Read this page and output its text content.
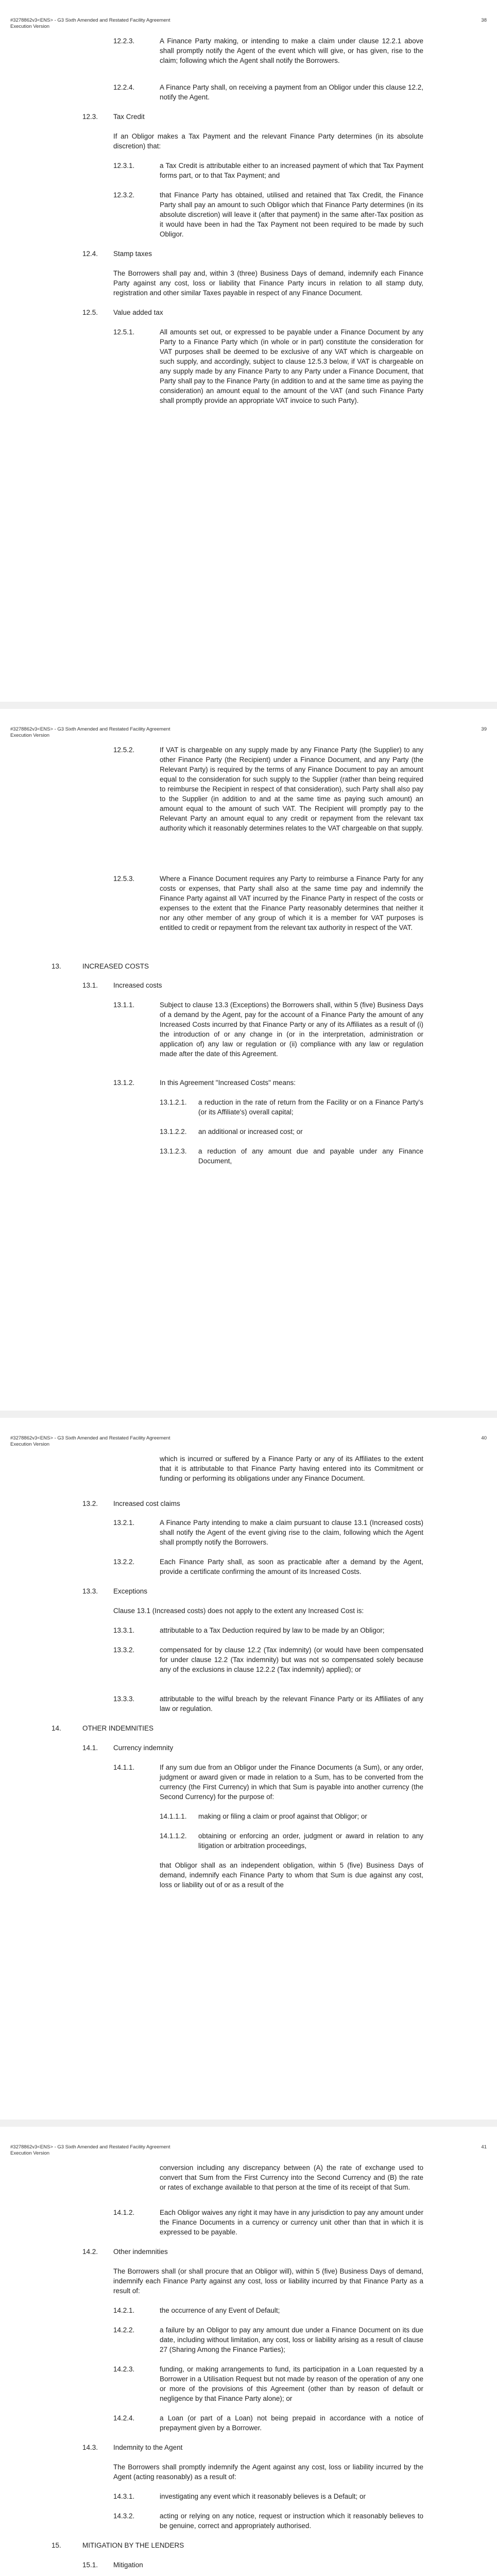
#3278862v3<ENS> - G3 Sixth Amended and Restated Facility Agreement
Execution Version
38
12.2.3.	A Finance Party making, or intending to make a claim under clause 12.2.1 above shall promptly notify the Agent of the event which will give, or has given, rise to the claim; following which the Agent shall notify the Borrowers.
12.2.4.	A Finance Party shall, on receiving a payment from an Obligor under this clause 12.2, notify the Agent.
12.3. Tax Credit
If an Obligor makes a Tax Payment and the relevant Finance Party determines (in its absolute discretion) that:
12.3.1.	a Tax Credit is attributable either to an increased payment of which that Tax Payment forms part, or to that Tax Payment; and
12.3.2.	that Finance Party has obtained, utilised and retained that Tax Credit, the Finance Party shall pay an amount to such Obligor which that Finance Party determines (in its absolute discretion) will leave it (after that payment) in the same after-Tax position as it would have been in had the Tax Payment not been required to be made by such Obligor.
12.4. Stamp taxes
The Borrowers shall pay and, within 3 (three) Business Days of demand, indemnify each Finance Party against any cost, loss or liability that Finance Party incurs in relation to all stamp duty, registration and other similar Taxes payable in respect of any Finance Document.
12.5. Value added tax
12.5.1.	All amounts set out, or expressed to be payable under a Finance Document by any Party to a Finance Party which (in whole or in part) constitute the consideration for VAT purposes shall be deemed to be exclusive of any VAT which is chargeable on such supply, and accordingly, subject to clause 12.5.3 below, if VAT is chargeable on any supply made by any Finance Party to any Party under a Finance Document, that Party shall pay to the Finance Party (in addition to and at the same time as paying the consideration) an amount equal to the amount of the VAT (and such Finance Party shall promptly provide an appropriate VAT invoice to such Party).
#3278862v3<ENS> - G3 Sixth Amended and Restated Facility Agreement
Execution Version
39
12.5.2.	If VAT is chargeable on any supply made by any Finance Party (the Supplier) to any other Finance Party (the Recipient) under a Finance Document, and any Party (the Relevant Party) is required by the terms of any Finance Document to pay an amount equal to the consideration for such supply to the Supplier (rather than being required to reimburse the Recipient in respect of that consideration), such Party shall also pay to the Supplier (in addition to and at the same time as paying such amount) an amount equal to the amount of such VAT. The Recipient will promptly pay to the Relevant Party an amount equal to any credit or repayment from the relevant tax authority which it reasonably determines relates to the VAT chargeable on that supply.
12.5.3.	Where a Finance Document requires any Party to reimburse a Finance Party for any costs or expenses, that Party shall also at the same time pay and indemnify the Finance Party against all VAT incurred by the Finance Party in respect of the costs or expenses to the extent that the Finance Party reasonably determines that neither it nor any other member of any group of which it is a member for VAT purposes is entitled to credit or repayment from the relevant tax authority in respect of the VAT.
13.	INCREASED COSTS
13.1. Increased costs
13.1.1.	Subject to clause 13.3 (Exceptions) the Borrowers shall, within 5 (five) Business Days of a demand by the Agent, pay for the account of a Finance Party the amount of any Increased Costs incurred by that Finance Party or any of its Affiliates as a result of (i) the introduction of or any change in (or in the interpretation, administration or application of) any law or regulation or (ii) compliance with any law or regulation made after the date of this Agreement.
13.1.2.	In this Agreement "Increased Costs" means:
13.1.2.1. a reduction in the rate of return from the Facility or on a Finance Party's (or its Affiliate's) overall capital;
13.1.2.2. an additional or increased cost; or
13.1.2.3. a reduction of any amount due and payable under any Finance Document,
#3278862v3<ENS> - G3 Sixth Amended and Restated Facility Agreement
Execution Version
40
which is incurred or suffered by a Finance Party or any of its Affiliates to the extent that it is attributable to that Finance Party having entered into its Commitment or funding or performing its obligations under any Finance Document.
13.2. Increased cost claims
13.2.1.	A Finance Party intending to make a claim pursuant to clause 13.1 (Increased costs) shall notify the Agent of the event giving rise to the claim, following which the Agent shall promptly notify the Borrowers.
13.2.2.	Each Finance Party shall, as soon as practicable after a demand by the Agent, provide a certificate confirming the amount of its Increased Costs.
13.3. Exceptions
Clause 13.1 (Increased costs) does not apply to the extent any Increased Cost is:
13.3.1.	attributable to a Tax Deduction required by law to be made by an Obligor;
13.3.2.	compensated for by clause 12.2 (Tax indemnity) (or would have been compensated for under clause 12.2 (Tax indemnity) but was not so compensated solely because any of the exclusions in clause 12.2.2 (Tax indemnity) applied); or
13.3.3.	attributable to the wilful breach by the relevant Finance Party or its Affiliates of any law or regulation.
14.	OTHER INDEMNITIES
14.1. Currency indemnity
14.1.1.	If any sum due from an Obligor under the Finance Documents (a Sum), or any order, judgment or award given or made in relation to a Sum, has to be converted from the currency (the First Currency) in which that Sum is payable into another currency (the Second Currency) for the purpose of:
14.1.1.1. making or filing a claim or proof against that Obligor; or
14.1.1.2. obtaining or enforcing an order, judgment or award in relation to any litigation or arbitration proceedings,
that Obligor shall as an independent obligation, within 5 (five) Business Days of demand, indemnify each Finance Party to whom that Sum is due against any cost, loss or liability out of or as a result of the
#3278862v3<ENS> - G3 Sixth Amended and Restated Facility Agreement
Execution Version
41
conversion including any discrepancy between (A) the rate of exchange used to convert that Sum from the First Currency into the Second Currency and (B) the rate or rates of exchange available to that person at the time of its receipt of that Sum.
14.1.2.	Each Obligor waives any right it may have in any jurisdiction to pay any amount under the Finance Documents in a currency or currency unit other than that in which it is expressed to be payable.
14.2. Other indemnities
The Borrowers shall (or shall procure that an Obligor will), within 5 (five) Business Days of demand, indemnify each Finance Party against any cost, loss or liability incurred by that Finance Party as a result of:
14.2.1.	the occurrence of any Event of Default;
14.2.2.	a failure by an Obligor to pay any amount due under a Finance Document on its due date, including without limitation, any cost, loss or liability arising as a result of clause 27 (Sharing Among the Finance Parties);
14.2.3.	funding, or making arrangements to fund, its participation in a Loan requested by a Borrower in a Utilisation Request but not made by reason of the operation of any one or more of the provisions of this Agreement (other than by reason of default or negligence by that Finance Party alone); or
14.2.4.	a Loan (or part of a Loan) not being prepaid in accordance with a notice of prepayment given by a Borrower.
14.3. Indemnity to the Agent
The Borrowers shall promptly indemnify the Agent against any cost, loss or liability incurred by the Agent (acting reasonably) as a result of:
14.3.1.	investigating any event which it reasonably believes is a Default; or
14.3.2.	acting or relying on any notice, request or instruction which it reasonably believes to be genuine, correct and appropriately authorised.
15.	MITIGATION BY THE LENDERS
15.1. Mitigation
